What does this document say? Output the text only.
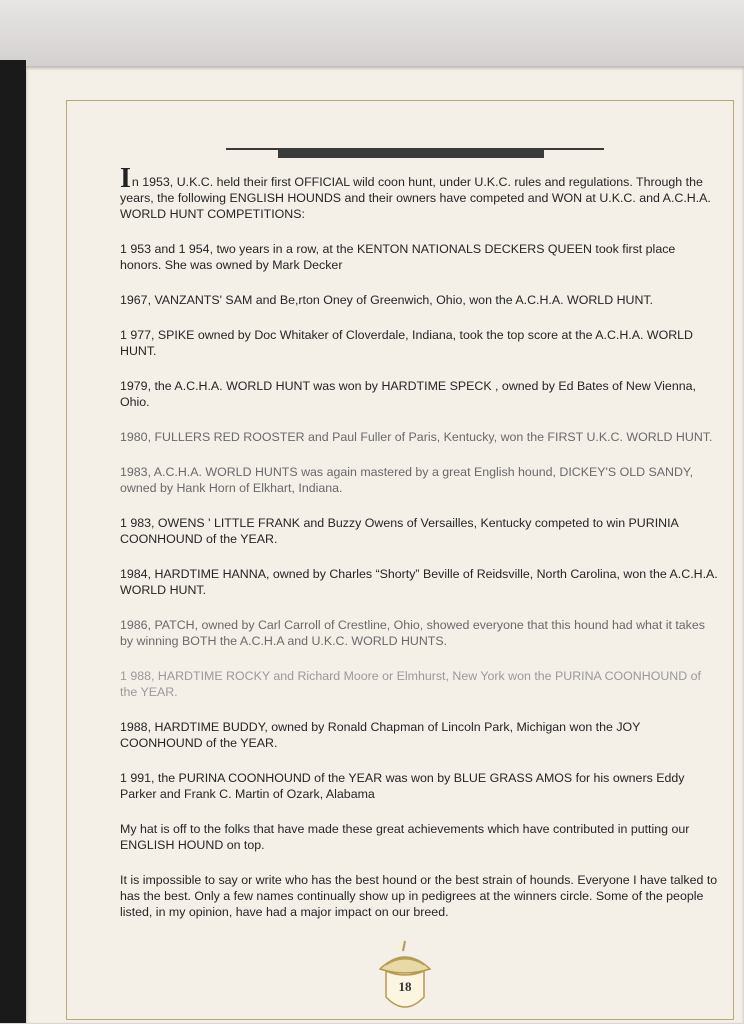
In 1953, U.K.C. held their first OFFICIAL wild coon hunt, under U.K.C. rules and regulations. Through the years, the following ENGLISH HOUNDS and their owners have competed and WON at U.K.C. and A.C.H.A. WORLD HUNT COMPETITIONS:

1 953 and 1 954, two years in a row, at the KENTON NATIONALS DECKERS QUEEN took first place honors. She was owned by Mark Decker

1967, VANZANTS' SAM and Be,rton Oney of Greenwich, Ohio, won the A.C.H.A. WORLD HUNT.

1 977, SPIKE owned by Doc Whitaker of Cloverdale, Indiana, took the top score at the A.C.H.A. WORLD HUNT.

1979, the A.C.H.A. WORLD HUNT was won by HARDTIME SPECK , owned by Ed Bates of New Vienna, Ohio.

1980, FULLERS RED ROOSTER and Paul Fuller of Paris, Kentucky, won the FIRST U.K.C. WORLD HUNT.

1983, A.C.H.A. WORLD HUNTS was again mastered by a great English hound, DICKEY'S OLD SANDY, owned by Hank Horn of Elkhart, Indiana.

1 983, OWENS ' LITTLE FRANK and Buzzy Owens of Versailles, Kentucky competed to win PURINIA COONHOUND of the YEAR.

1984, HARDTIME HANNA, owned by Charles “Shorty” Beville of Reidsville, North Carolina, won the A.C.H.A. WORLD HUNT.

1986, PATCH, owned by Carl Carroll of Crestline, Ohio, showed everyone that this hound had what it takes by winning BOTH the A.C.H.A and U.K.C. WORLD HUNTS.

1 988, HARDTIME ROCKY and Richard Moore or Elmhurst, New York won the PURINA COONHOUND of the YEAR.

1988, HARDTIME BUDDY, owned by Ronald Chapman of Lincoln Park, Michigan won the JOY COONHOUND of the YEAR.

1 991, the PURINA COONHOUND of the YEAR was won by BLUE GRASS AMOS for his owners Eddy Parker and Frank C. Martin of Ozark, Alabama

My hat is off to the folks that have made these great achievements which have contributed in putting our ENGLISH HOUND on top.

It is impossible to say or write who has the best hound or the best strain of hounds. Everyone I have talked to has the best. Only a few names continually show up in pedigrees at the winners circle. Some of the people listed, in my opinion, have had a major impact on our breed.

18
